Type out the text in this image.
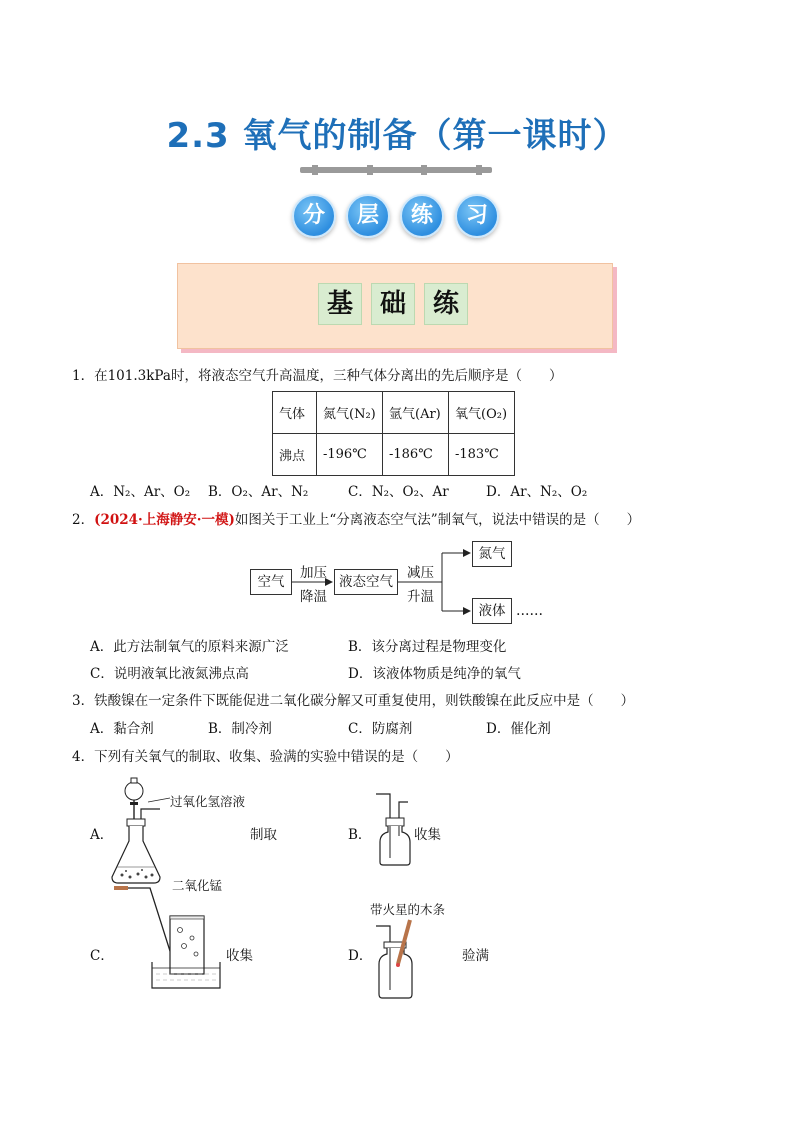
2.3 氧气的制备（第一课时）
分	层	练	习
基	础	练
1．在101.3kPa时，将液态空气升高温度，三种气体分离出的先后顺序是（　　）
气体	氮气(N₂)	氩气(Ar)	氧气(O₂)
沸点	-196℃	-186℃	-183℃
A．N₂、Ar、O₂ B．O₂、Ar、N₂	C．N₂、O₂、Ar	D．Ar、N₂、O₂
2．(2024·上海静安·一模)如图关于工业上“分离液态空气法”制氧气，说法中错误的是（　　）
空气
加压
降温
液态空气
减压
升温
氮气
液体 ……
A．此方法制氧气的原料来源广泛	B．该分离过程是物理变化
C．说明液氧比液氮沸点高	D．该液体物质是纯净的氧气
3．铁酸镍在一定条件下既能促进二氧化碳分解又可重复使用，则铁酸镍在此反应中是（　　）
A．黏合剂	B．制冷剂	C．防腐剂	D．催化剂
4．下列有关氧气的制取、收集、验满的实验中错误的是（　　）
A．
过氧化氢溶液
二氧化锰
制取	B．	收集
C．	收集
带火星的木条
D．	验满
